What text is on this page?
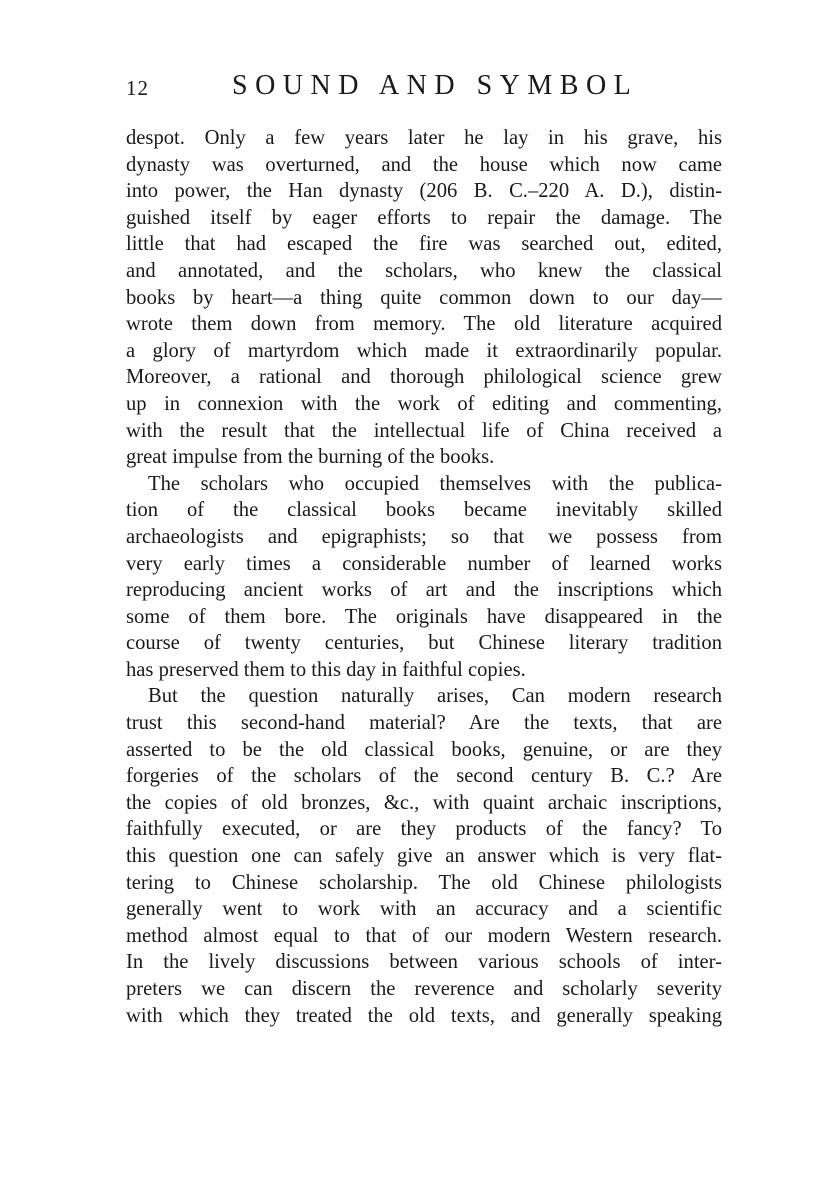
12	SOUND AND SYMBOL
despot. Only a few years later he lay in his grave, his
dynasty was overturned, and the house which now came
into power, the Han dynasty (206 B. C.–220 A. D.), distin-
guished itself by eager efforts to repair the damage. The
little that had escaped the fire was searched out, edited,
and annotated, and the scholars, who knew the classical
books by heart—a thing quite common down to our day—
wrote them down from memory. The old literature acquired
a glory of martyrdom which made it extraordinarily popular.
Moreover, a rational and thorough philological science grew
up in connexion with the work of editing and commenting,
with the result that the intellectual life of China received a
great impulse from the burning of the books.
The scholars who occupied themselves with the publica-
tion of the classical books became inevitably skilled
archaeologists and epigraphists; so that we possess from
very early times a considerable number of learned works
reproducing ancient works of art and the inscriptions which
some of them bore. The originals have disappeared in the
course of twenty centuries, but Chinese literary tradition
has preserved them to this day in faithful copies.
But the question naturally arises, Can modern research
trust this second-hand material? Are the texts, that are
asserted to be the old classical books, genuine, or are they
forgeries of the scholars of the second century B. C.? Are
the copies of old bronzes, &c., with quaint archaic inscriptions,
faithfully executed, or are they products of the fancy? To
this question one can safely give an answer which is very flat-
tering to Chinese scholarship. The old Chinese philologists
generally went to work with an accuracy and a scientific
method almost equal to that of our modern Western research.
In the lively discussions between various schools of inter-
preters we can discern the reverence and scholarly severity
with which they treated the old texts, and generally speaking
